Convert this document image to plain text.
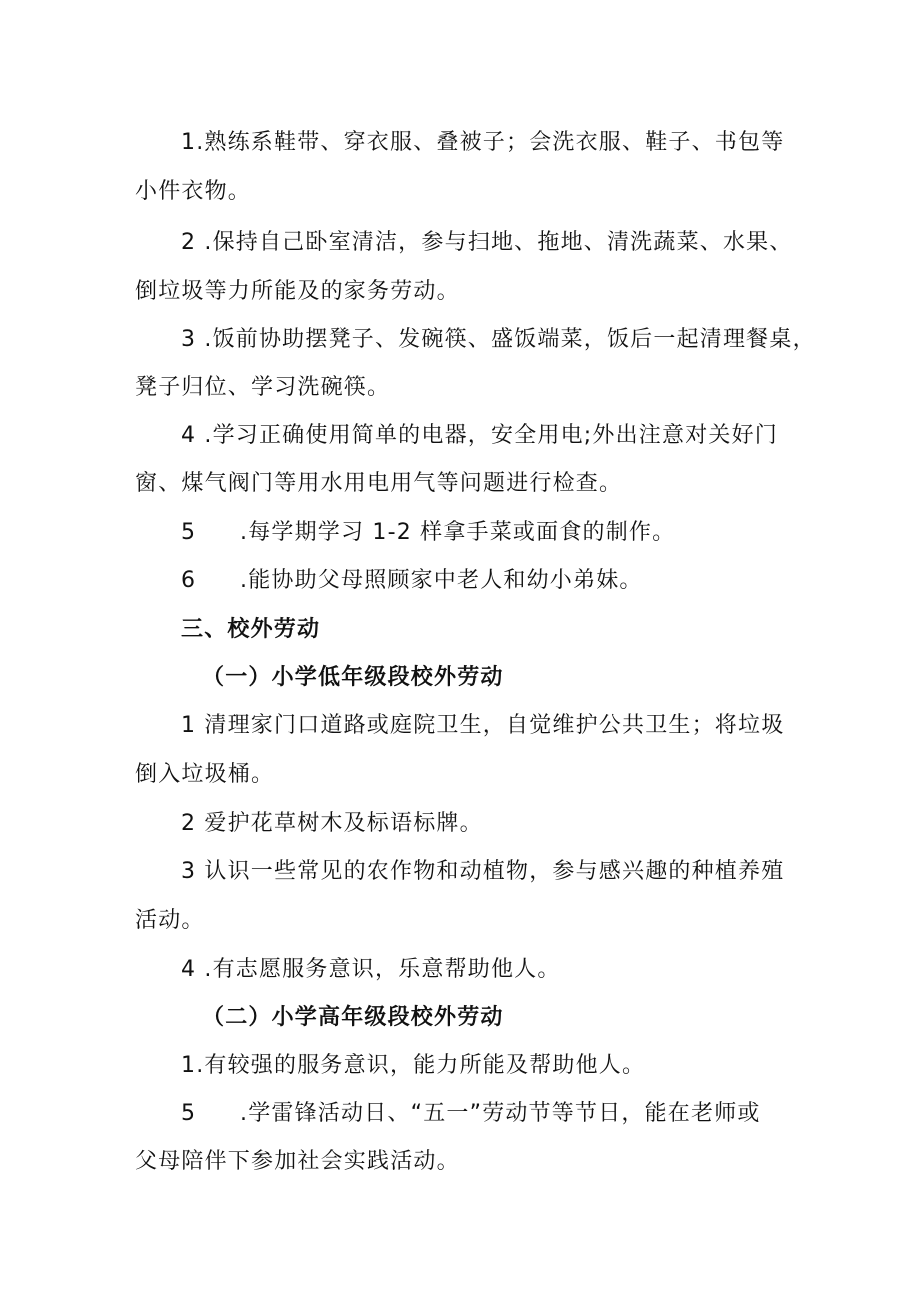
1.熟练系鞋带、穿衣服、叠被子；会洗衣服、鞋子、书包等
小件衣物。
2 .保持自己卧室清洁，参与扫地、拖地、清洗蔬菜、水果、
倒垃圾等力所能及的家务劳动。
3 .饭前协助摆凳子、发碗筷、盛饭端菜，饭后一起清理餐桌，
凳子归位、学习洗碗筷。
4 .学习正确使用简单的电器，安全用电;外出注意对关好门
窗、煤气阀门等用水用电用气等问题进行检查。
5 .每学期学习 1-2 样拿手菜或面食的制作。
6 .能协助父母照顾家中老人和幼小弟妹。
三、校外劳动
（一）小学低年级段校外劳动
1 清理家门口道路或庭院卫生，自觉维护公共卫生；将垃圾
倒入垃圾桶。
2 爱护花草树木及标语标牌。
3 认识一些常见的农作物和动植物，参与感兴趣的种植养殖
活动。
4 .有志愿服务意识，乐意帮助他人。
（二）小学高年级段校外劳动
1.有较强的服务意识，能力所能及帮助他人。
5 .学雷锋活动日、“五一”劳动节等节日，能在老师或
父母陪伴下参加社会实践活动。
